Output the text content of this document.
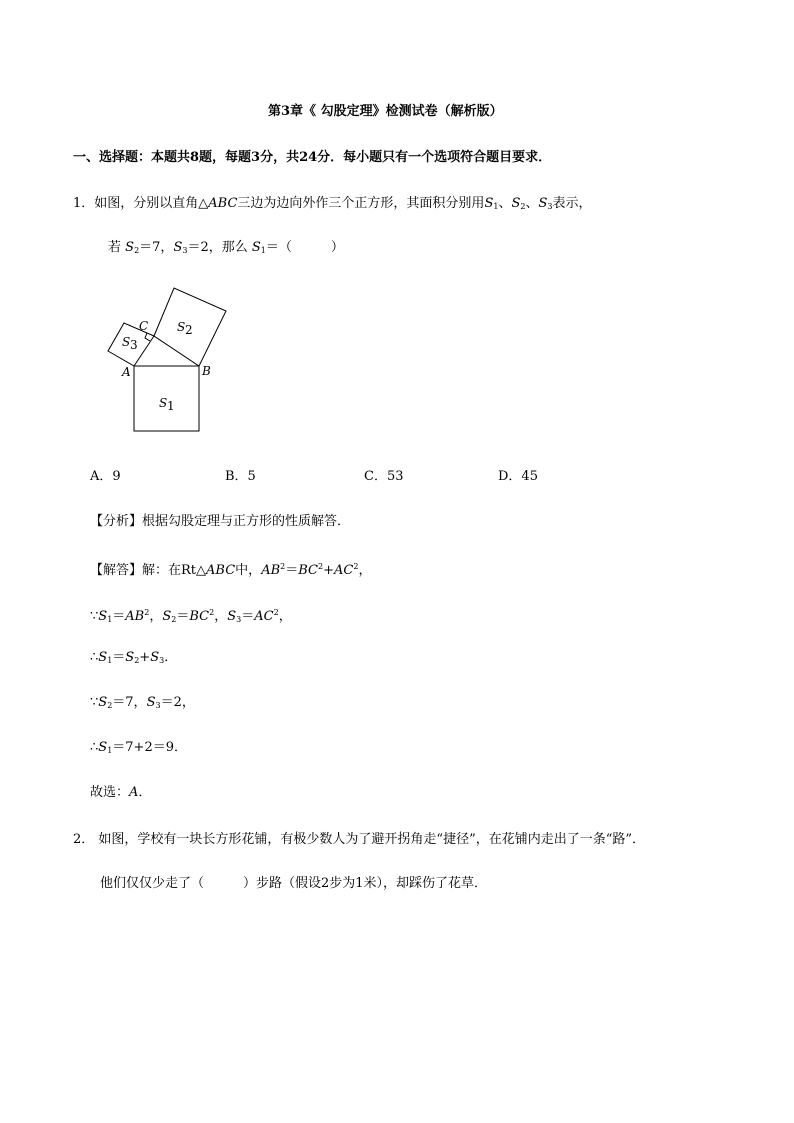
第3章《 勾股定理》检测试卷（解析版）
一、选择题：本题共8题，每题3分，共24分．每小题只有一个选项符合题目要求．
1．如图，分别以直角△ABC三边为边向外作三个正方形，其面积分别用$S_1$、$S_2$、$S_3$表示，
若 $S_2=7$，$S_3=2$，那么 $S_1=$（　　　）
C
A	B
S 1
S 2
S 3
A．9	B．5	C．53	D．45
【分析】根据勾股定理与正方形的性质解答．
【解答】解：在Rt△ABC中，$AB^2=BC^2+AC^2$，
$\because S_1=AB^2$，$S_2=BC^2$，$S_3=AC^2$，
$\therefore S_1=S_2+S_3$．
$\because S_2=7$，$S_3=2$，
$\therefore S_1=7+2=9$．
故选：A．
2． 如图，学校有一块长方形花铺，有极少数人为了避开拐角走“捷径”，在花铺内走出了一条“路”．
他们仅仅少走了（　　　）步路（假设2步为1米），却踩伤了花草．
